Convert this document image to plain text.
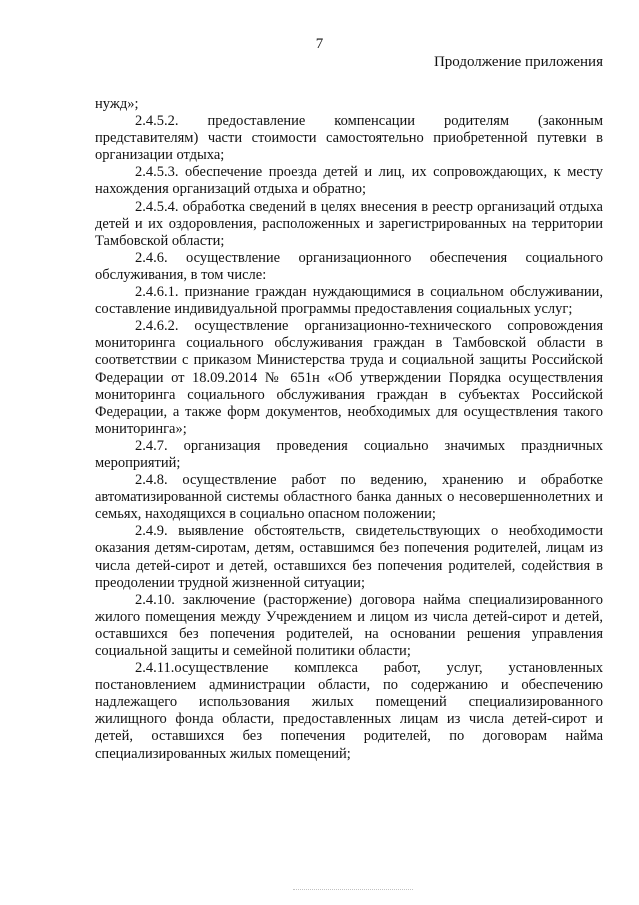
7
Продолжение приложения

нужд»;

2.4.5.2. предоставление компенсации родителям (законным представителям) части стоимости самостоятельно приобретенной путевки в организации отдыха;

2.4.5.3. обеспечение проезда детей и лиц, их сопровождающих, к месту нахождения организаций отдыха и обратно;

2.4.5.4. обработка сведений в целях внесения в реестр организаций отдыха детей и их оздоровления, расположенных и зарегистрированных на территории Тамбовской области;

2.4.6. осуществление организационного обеспечения социального обслуживания, в том числе:

2.4.6.1. признание граждан нуждающимися в социальном обслуживании, составление индивидуальной программы предоставления социальных услуг;

2.4.6.2. осуществление организационно-технического сопровождения мониторинга социального обслуживания граждан в Тамбовской области в соответствии с приказом Министерства труда и социальной защиты Российской Федерации от 18.09.2014 № 651н «Об утверждении Порядка осуществления мониторинга социального обслуживания граждан в субъектах Российской Федерации, а также форм документов, необходимых для осуществления такого мониторинга»;

2.4.7. организация проведения социально значимых праздничных мероприятий;

2.4.8. осуществление работ по ведению, хранению и обработке автоматизированной системы областного банка данных о несовершеннолетних и семьях, находящихся в социально опасном положении;

2.4.9. выявление обстоятельств, свидетельствующих о необходимости оказания детям-сиротам, детям, оставшимся без попечения родителей, лицам из числа детей-сирот и детей, оставшихся без попечения родителей, содействия в преодолении трудной жизненной ситуации;

2.4.10. заключение (расторжение) договора найма специализированного жилого помещения между Учреждением и лицом из числа детей-сирот и детей, оставшихся без попечения родителей, на основании решения управления социальной защиты и семейной политики области;

2.4.11.осуществление комплекса работ, услуг, установленных постановлением администрации области, по содержанию и обеспечению надлежащего использования жилых помещений специализированного жилищного фонда области, предоставленных лицам из числа детей-сирот и детей, оставшихся без попечения родителей, по договорам найма специализированных жилых помещений;
